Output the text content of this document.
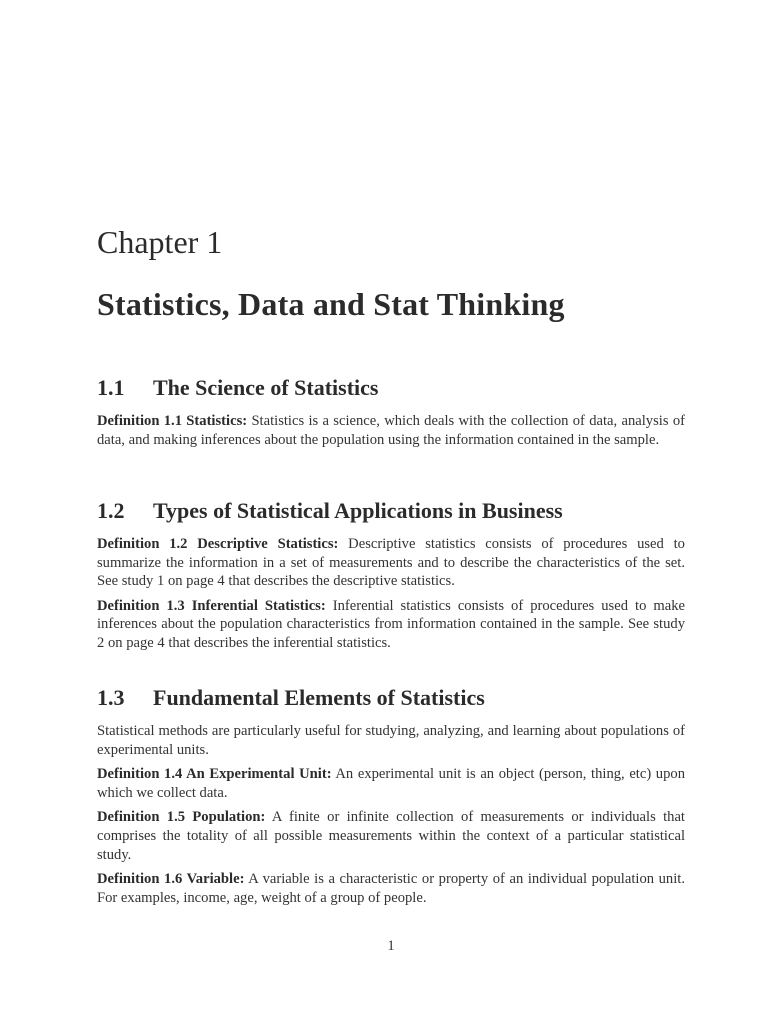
Chapter 1
Statistics, Data and Stat Thinking
1.1 The Science of Statistics

Definition 1.1 Statistics: Statistics is a science, which deals with the collection of data, analysis of data, and making inferences about the population using the information contained in the sample.

1.2 Types of Statistical Applications in Business

Definition 1.2 Descriptive Statistics: Descriptive statistics consists of procedures used to summarize the information in a set of measurements and to describe the characteristics of the set. See study 1 on page 4 that describes the descriptive statistics.

Definition 1.3 Inferential Statistics: Inferential statistics consists of procedures used to make inferences about the population characteristics from information contained in the sample. See study 2 on page 4 that describes the inferential statistics.

1.3 Fundamental Elements of Statistics

Statistical methods are particularly useful for studying, analyzing, and learning about populations of experimental units.

Definition 1.4 An Experimental Unit: An experimental unit is an object (person, thing, etc) upon which we collect data.

Definition 1.5 Population: A finite or infinite collection of measurements or individuals that comprises the totality of all possible measurements within the context of a particular statistical study.

Definition 1.6 Variable: A variable is a characteristic or property of an individual population unit. For examples, income, age, weight of a group of people.

1
